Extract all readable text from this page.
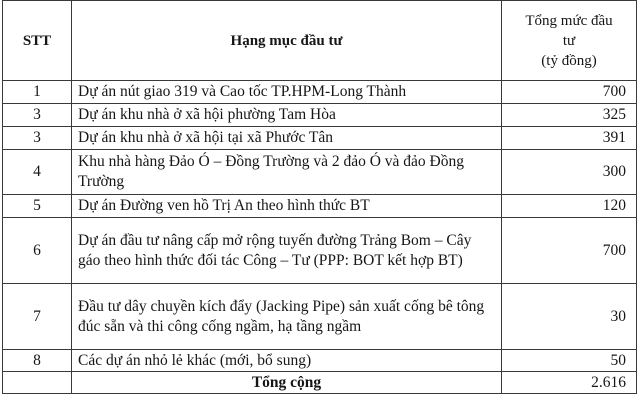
STT	Hạng mục đầu tư	Tổng mức đầu
tư
(tỷ đồng)

1	Dự án nút giao 319 và Cao tốc TP.HPM-Long Thành	700
3	Dự án khu nhà ở xã hội phường Tam Hòa	325
3	Dự án khu nhà ở xã hội tại xã Phước Tân	391
4	Khu nhà hàng Đảo Ó – Đồng Trường và 2 đảo Ó và đảo Đồng Trường	300
5	Dự án Đường ven hồ Trị An theo hình thức BT	120
6	Dự án đầu tư nâng cấp mở rộng tuyến đường Trảng Bom – Cây gáo theo hình thức đối tác Công – Tư (PPP: BOT kết hợp BT)	700
7	Đầu tư dây chuyền kích đẩy (Jacking Pipe) sản xuất cống bê tông đúc sẵn và thi công cống ngầm, hạ tầng ngầm	30
8	Các dự án nhỏ lẻ khác (mới, bổ sung)	50
	Tổng cộng	2.616
